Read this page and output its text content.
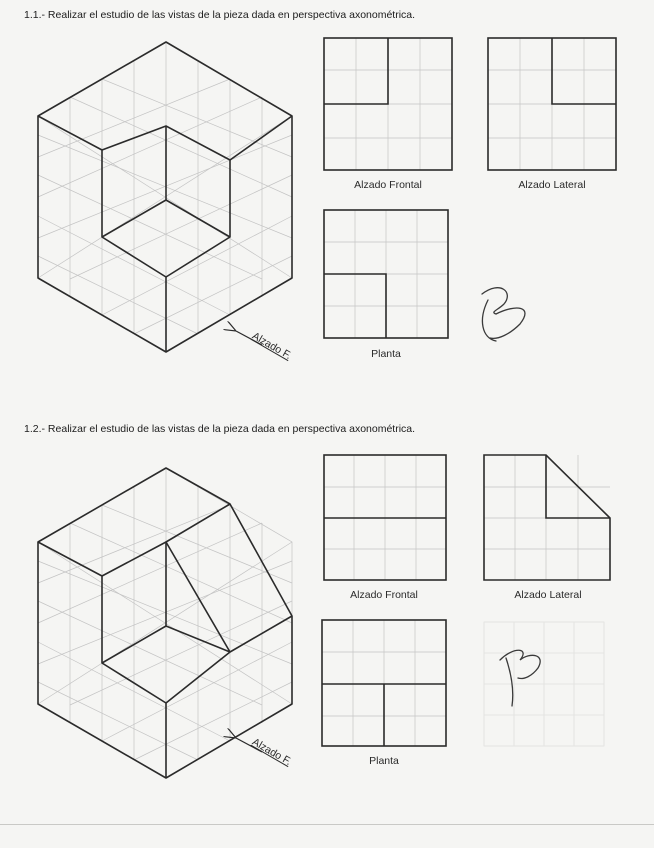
1.1.- Realizar el estudio de las vistas de la pieza dada en perspectiva axonométrica.
1.2.- Realizar el estudio de las vistas de la pieza dada en perspectiva axonométrica.
Alzado Frontal	Alzado Lateral
Planta
Alzado F.
Alzado Frontal	Alzado Lateral
Planta
Alzado F.
